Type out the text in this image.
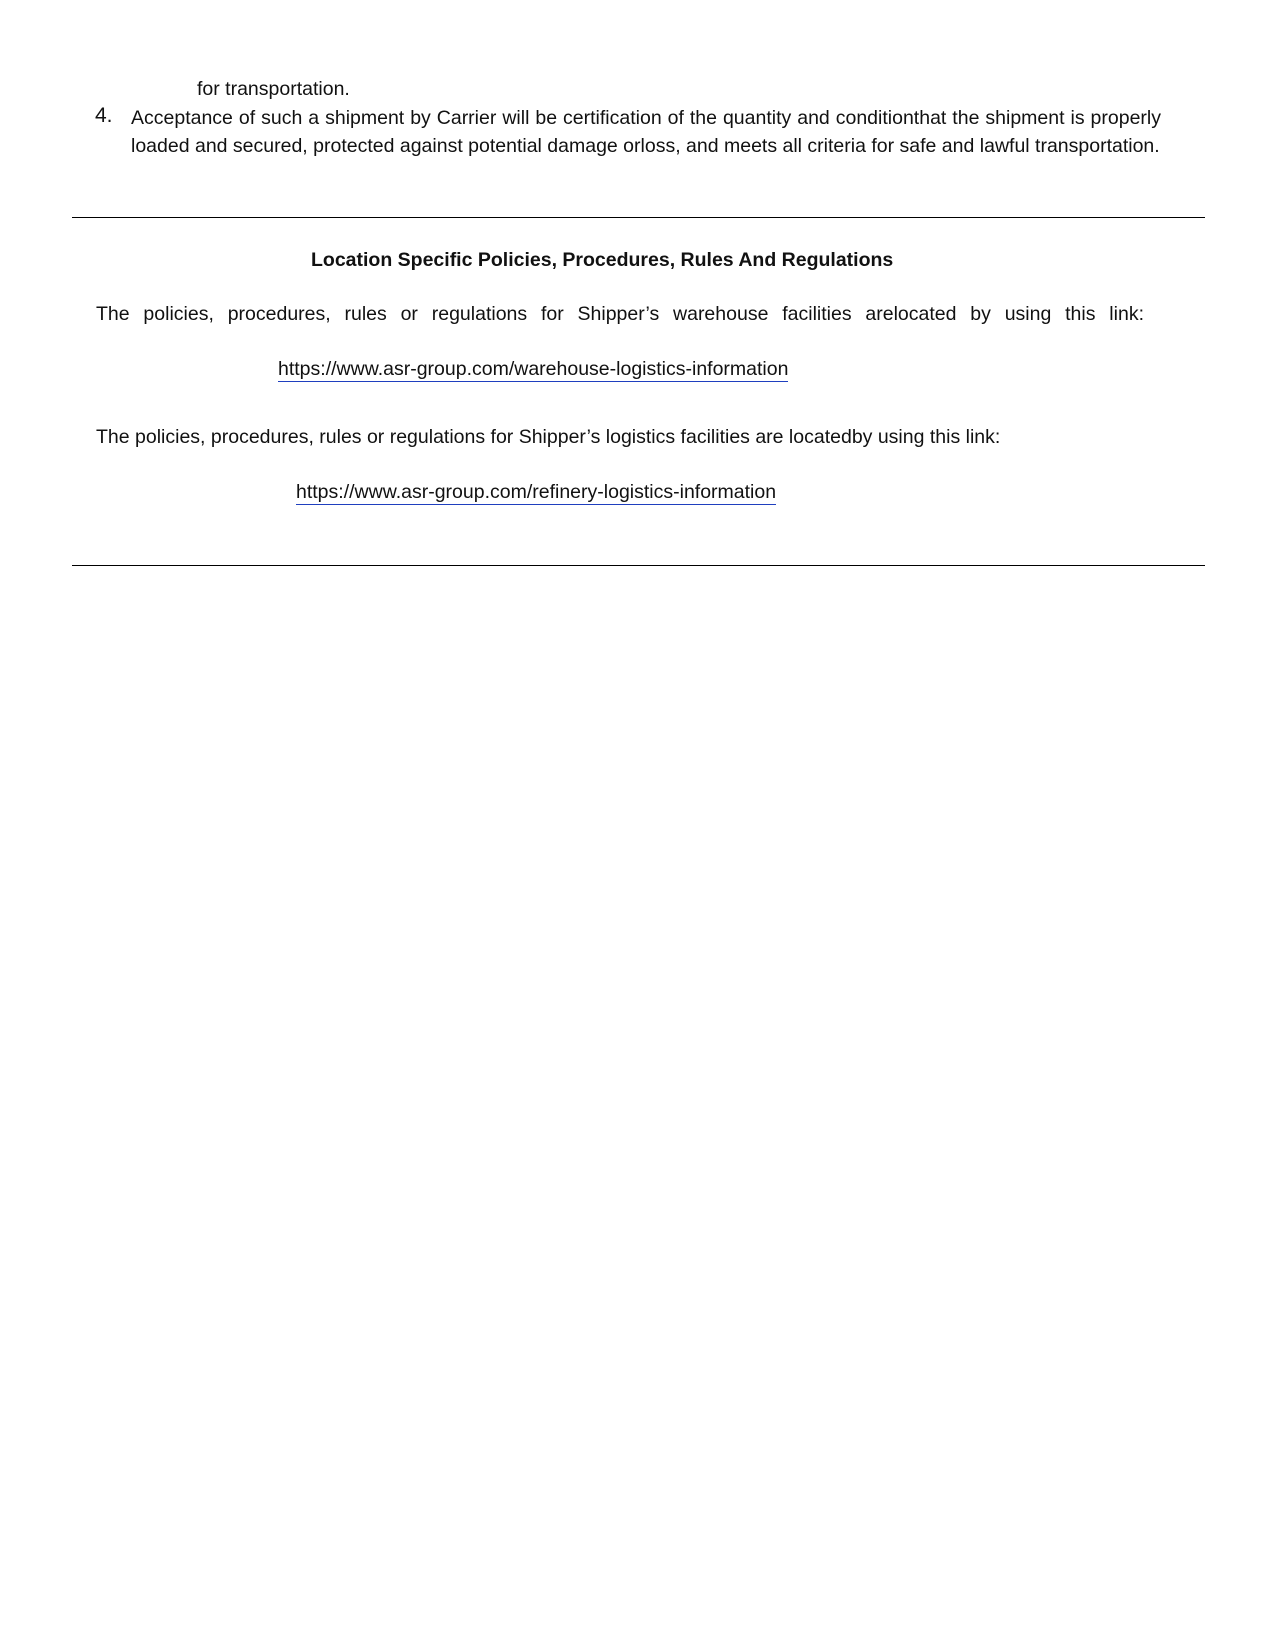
for transportation.
4. Acceptance of such a shipment by Carrier will be certification of the quantity and conditionthat the shipment is properly loaded and secured, protected against potential damage orloss, and meets all criteria for safe and lawful transportation.
Location Specific Policies, Procedures, Rules And Regulations
The policies, procedures, rules or regulations for Shipper’s warehouse facilities arelocated by using this link:
https://www.asr-group.com/warehouse-logistics-information
The policies, procedures, rules or regulations for Shipper’s logistics facilities are locatedby using this link:
https://www.asr-group.com/refinery-logistics-information
